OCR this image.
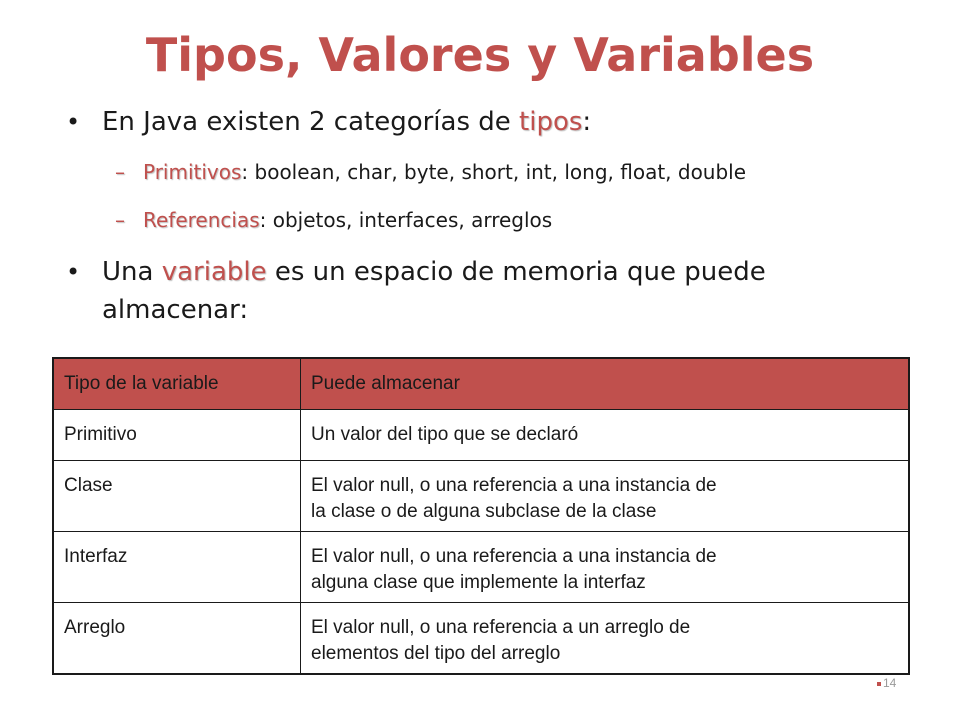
Tipos, Valores y Variables
• En Java existen 2 categorías de tipos:
– Primitivos: boolean, char, byte, short, int, long, float, double
– Referencias: objetos, interfaces, arreglos
• Una variable es un espacio de memoria que puede
almacenar:
Tipo de la variable	Puede almacenar
Primitivo	Un valor del tipo que se declaró
Clase	El valor null, o una referencia a una instancia de
la clase o de alguna subclase de la clase
Interfaz	El valor null, o una referencia a una instancia de
alguna clase que implemente la interfaz
Arreglo	El valor null, o una referencia a un arreglo de
elementos del tipo del arreglo
14
